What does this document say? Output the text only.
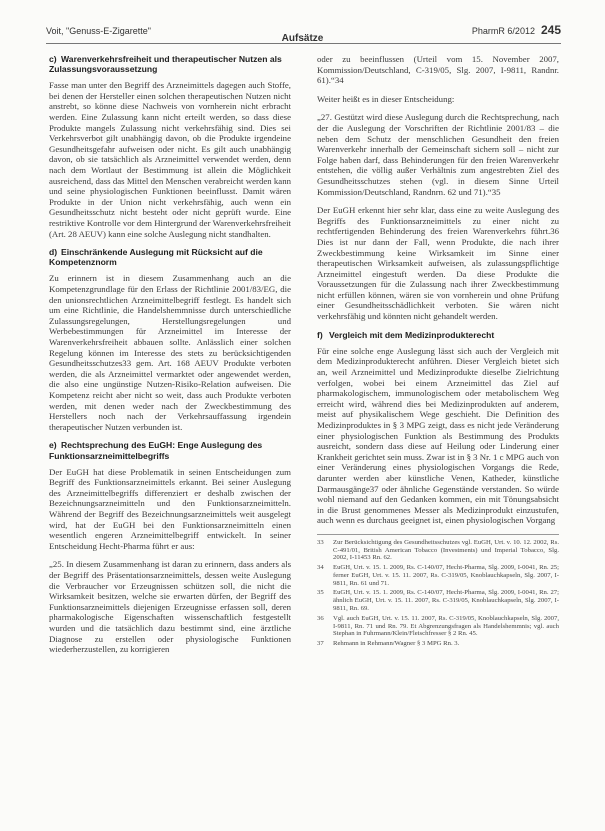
Voit, "Genuss-E-Zigarette"
Aufsätze
PharmR 6/2012 245
c) Warenverkehrsfreiheit und therapeutischer Nutzen als Zulassungsvoraussetzung

Fasse man unter den Begriff des Arzneimittels dagegen auch Stoffe, bei denen der Hersteller einen solchen therapeutischen Nutzen nicht anstrebt, so könne diese Nachweis von vornherein nicht erbracht werden. Eine Zulassung kann nicht erteilt werden, so dass diese Produkte mangels Zulassung nicht verkehrsfähig sind. Dies sei Verkehrsverbot gilt unabhängig davon, ob die Produkte irgendeine Gesundheitsgefahr aufweisen oder nicht. Es gilt auch unabhängig davon, ob sie tatsächlich als Arzneimittel verwendet werden, denn nach dem Wortlaut der Bestimmung ist allein die Möglichkeit ausreichend, dass das Mittel den Menschen verabreicht werden kann und seine physiologischen Funktionen beeinflusst. Damit wären Produkte in der Union nicht verkehrsfähig, auch wenn ein Gesundheitsschutz nicht besteht oder nicht geprüft wurde. Eine restriktive Kontrolle vor dem Hintergrund der Warenverkehrsfreiheit (Art. 28 AEUV) kann eine solche Auslegung nicht standhalten.

d) Einschränkende Auslegung mit Rücksicht auf die Kompetenznorm

Zu erinnern ist in diesem Zusammenhang auch an die Kompetenzgrundlage für den Erlass der Richtlinie 2001/83/EG, die den unionsrechtlichen Arzneimittelbegriff festlegt. Es handelt sich um eine Richtlinie, die Handelshemmnisse durch unterschiedliche Zulassungsregelungen, Herstellungsregelungen und Werbebestimmungen für Arzneimittel im Interesse der Warenverkehrsfreiheit abbauen sollte. Anlässlich einer solchen Regelung können im Interesse des stets zu berücksichtigenden Gesundheitsschutzes33 gem. Art. 168 AEUV Produkte verboten werden, die als Arzneimittel vermarktet oder angewendet werden, die also eine ungünstige Nutzen-Risiko-Relation aufweisen. Die Kompetenz reicht aber nicht so weit, dass auch Produkte verboten werden, mit denen weder nach der Zweckbestimmung des Herstellers noch nach der Verkehrsauffassung irgendein therapeutischer Nutzen verbunden ist.

e) Rechtsprechung des EuGH: Enge Auslegung des Funktionsarzneimittelbegriffs

Der EuGH hat diese Problematik in seinen Entscheidungen zum Begriff des Funktionsarzneimittels erkannt. Bei seiner Auslegung des Arzneimittelbegriffs differenziert er deshalb zwischen der Bezeichnungsarzneimitteln und den Funktionsarzneimitteln. Während der Begriff des Bezeichnungsarzneimittels weit ausgelegt wird, hat der EuGH bei den Funktionsarzneimitteln einen wesentlich engeren Arzneimittelbegriff entwickelt. In seiner Entscheidung Hecht-Pharma führt er aus:

„25. In diesem Zusammenhang ist daran zu erinnern, dass anders als der Begriff des Präsentationsarzneimittels, dessen weite Auslegung die Verbraucher vor Erzeugnissen schützen soll, die nicht die Wirksamkeit besitzen, welche sie erwarten dürfen, der Begriff des Funktionsarzneimittels diejenigen Erzeugnisse erfassen soll, deren pharmakologische Eigenschaften wissenschaftlich festgestellt wurden und die tatsächlich dazu bestimmt sind, eine ärztliche Diagnose zu erstellen oder physiologische Funktionen wiederherzustellen, zu korrigieren

oder zu beeinflussen (Urteil vom 15. November 2007, Kommission/Deutschland, C-319/05, Slg. 2007, I-9811, Randnr. 61).“34

Weiter heißt es in dieser Entscheidung:

„27. Gestützt wird diese Auslegung durch die Rechtsprechung, nach der die Auslegung der Vorschriften der Richtlinie 2001/83 – die neben dem Schutz der menschlichen Gesundheit den freien Warenverkehr innerhalb der Gemeinschaft sichern soll – nicht zur Folge haben darf, dass Behinderungen für den freien Warenverkehr entstehen, die völlig außer Verhältnis zum angestrebten Ziel des Gesundheitsschutzes stehen (vgl. in diesem Sinne Urteil Kommission/Deutschland, Randnrn. 62 und 71).“35

Der EuGH erkennt hier sehr klar, dass eine zu weite Auslegung des Begriffs des Funktionsarzneimittels zu einer nicht zu rechtfertigenden Behinderung des freien Warenverkehrs führt.36 Dies ist nur dann der Fall, wenn Produkte, die nach ihrer Zweckbestimmung keine Wirksamkeit im Sinne einer therapeutischen Wirksamkeit aufweisen, als zulassungspflichtige Arzneimittel eingestuft werden. Da diese Produkte die Voraussetzungen für die Zulassung nach ihrer Zweckbestimmung nicht erfüllen können, wären sie von vornherein und ohne Prüfung einer Gesundheitsschädlichkeit verboten. Sie wären nicht verkehrsfähig und könnten nicht gehandelt werden.

f) Vergleich mit dem Medizinprodukterecht

Für eine solche enge Auslegung lässt sich auch der Vergleich mit dem Medizinprodukterecht anführen. Dieser Vergleich bietet sich an, weil Arzneimittel und Medizinprodukte dieselbe Zielrichtung verfolgen, wobei bei einem Arzneimittel das Ziel auf pharmakologischem, immunologischem oder metabolischem Weg erreicht wird, während dies bei Medizinprodukten auf anderem, meist auf physikalischem Wege geschieht. Die Definition des Medizinproduktes in § 3 MPG zeigt, dass es nicht jede Veränderung einer physiologischen Funktion als Bestimmung des Produkts ausreicht, sondern dass diese auf Heilung oder Linderung einer Krankheit gerichtet sein muss. Zwar ist in § 3 Nr. 1 c MPG auch von einer Veränderung eines physiologischen Vorgangs die Rede, darunter werden aber künstliche Venen, Katheder, künstliche Darmausgänge37 oder ähnliche Gegenstände verstanden. So würde wohl niemand auf den Gedanken kommen, ein mit Tönungsabsicht in die Brust genommenes Messer als Medizinprodukt einzustufen, auch wenn es durchaus geeignet ist, einen physiologischen Vorgang

33	Zur Berücksichtigung des Gesundheitsschutzes vgl. EuGH, Urt. v. 10. 12. 2002, Rs. C-491/01, British American Tobacco (Investments) und Imperial Tobacco, Slg. 2002, I-11453 Rn. 62.
34	EuGH, Urt. v. 15. 1. 2009, Rs. C-140/07, Hecht-Pharma, Slg. 2009, I-0041, Rn. 25; ferner EuGH, Urt. v. 15. 11. 2007, Rs. C-319/05, Knoblauchkapseln, Slg. 2007, I-9811, Rn. 61 und 71.
35	EuGH, Urt. v. 15. 1. 2009, Rs. C-140/07, Hecht-Pharma, Slg. 2009, I-0041, Rn. 27; ähnlich EuGH, Urt. v. 15. 11. 2007, Rs. C-319/05, Knoblauchkapseln, Slg. 2007, I-9811, Rn. 69.
36	Vgl. auch EuGH, Urt. v. 15. 11. 2007, Rs. C-319/05, Knoblauchkapseln, Slg. 2007, I-9811, Rn. 71 und Rn. 79. Et Abgrenzungsfragen als Handelshemmnis; vgl. auch Stephan in Fuhrmann/Klein/Fleischfresser § 2 Rn. 45.
37	Rehmann in Rehmann/Wagner § 3 MPG Rn. 3.
